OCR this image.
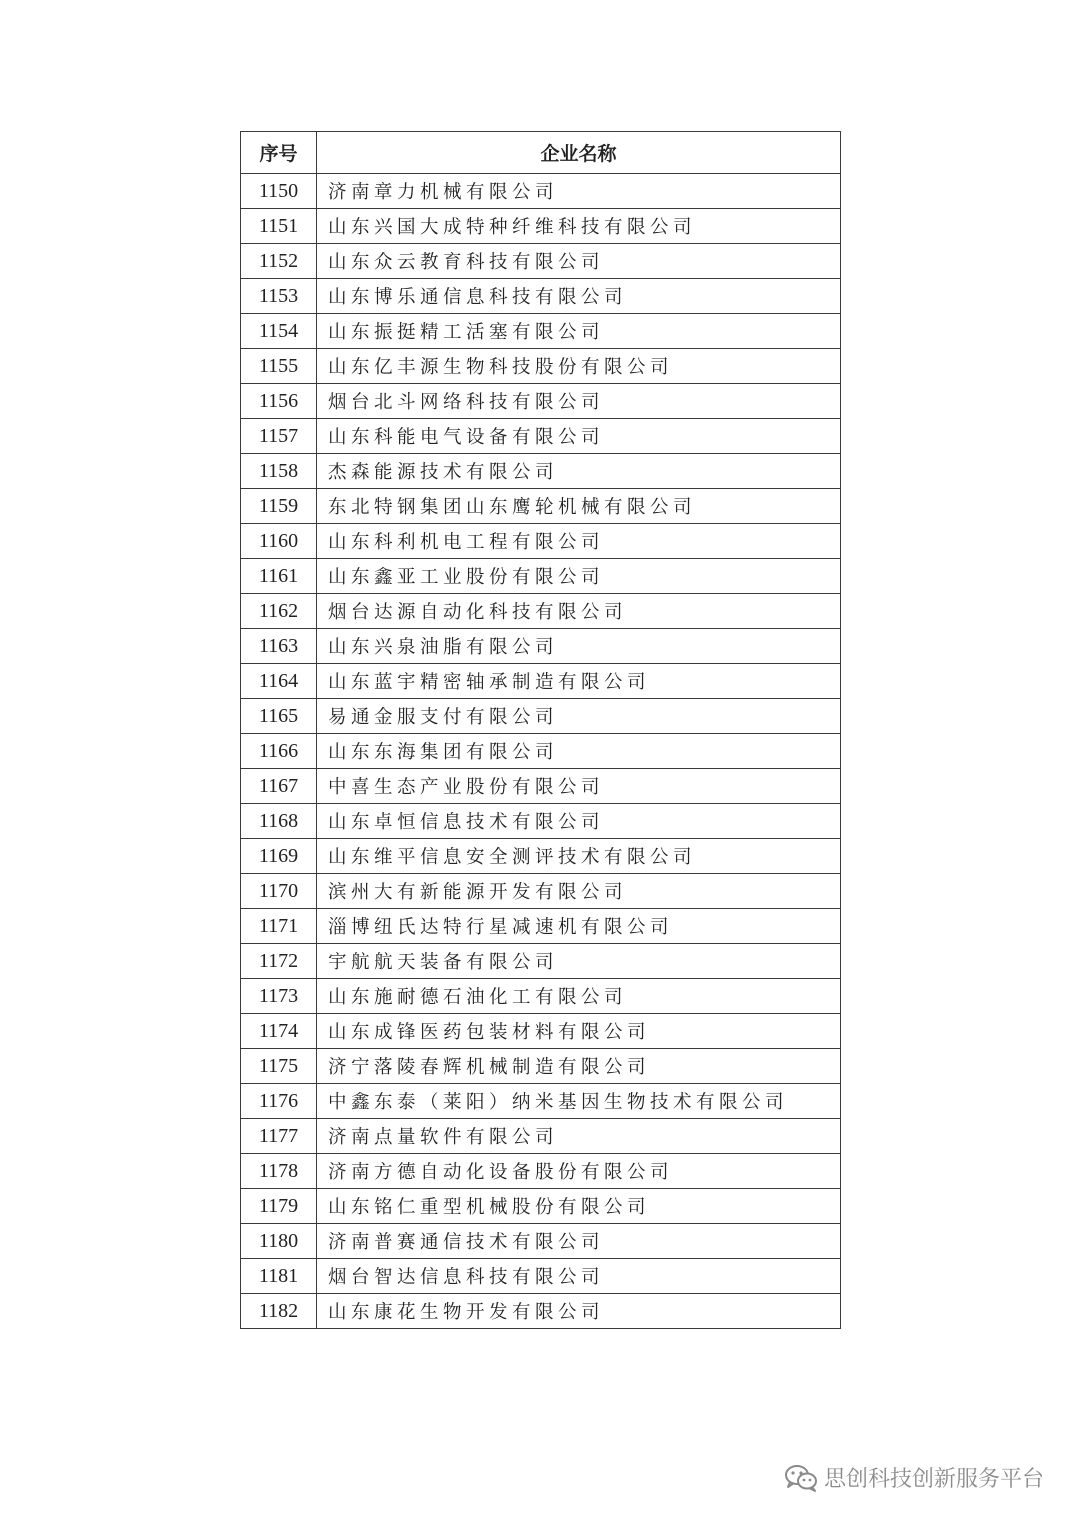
序号	企业名称
1150	济南章力机械有限公司
1151	山东兴国大成特种纤维科技有限公司
1152	山东众云教育科技有限公司
1153	山东博乐通信息科技有限公司
1154	山东振挺精工活塞有限公司
1155	山东亿丰源生物科技股份有限公司
1156	烟台北斗网络科技有限公司
1157	山东科能电气设备有限公司
1158	杰森能源技术有限公司
1159	东北特钢集团山东鹰轮机械有限公司
1160	山东科利机电工程有限公司
1161	山东鑫亚工业股份有限公司
1162	烟台达源自动化科技有限公司
1163	山东兴泉油脂有限公司
1164	山东蓝宇精密轴承制造有限公司
1165	易通金服支付有限公司
1166	山东东海集团有限公司
1167	中喜生态产业股份有限公司
1168	山东卓恒信息技术有限公司
1169	山东维平信息安全测评技术有限公司
1170	滨州大有新能源开发有限公司
1171	淄博纽氏达特行星减速机有限公司
1172	宇航航天装备有限公司
1173	山东施耐德石油化工有限公司
1174	山东成锋医药包装材料有限公司
1175	济宁落陵春辉机械制造有限公司
1176	中鑫东泰（莱阳）纳米基因生物技术有限公司
1177	济南点量软件有限公司
1178	济南方德自动化设备股份有限公司
1179	山东铭仁重型机械股份有限公司
1180	济南普赛通信技术有限公司
1181	烟台智达信息科技有限公司
1182	山东康花生物开发有限公司
思创科技创新服务平台
